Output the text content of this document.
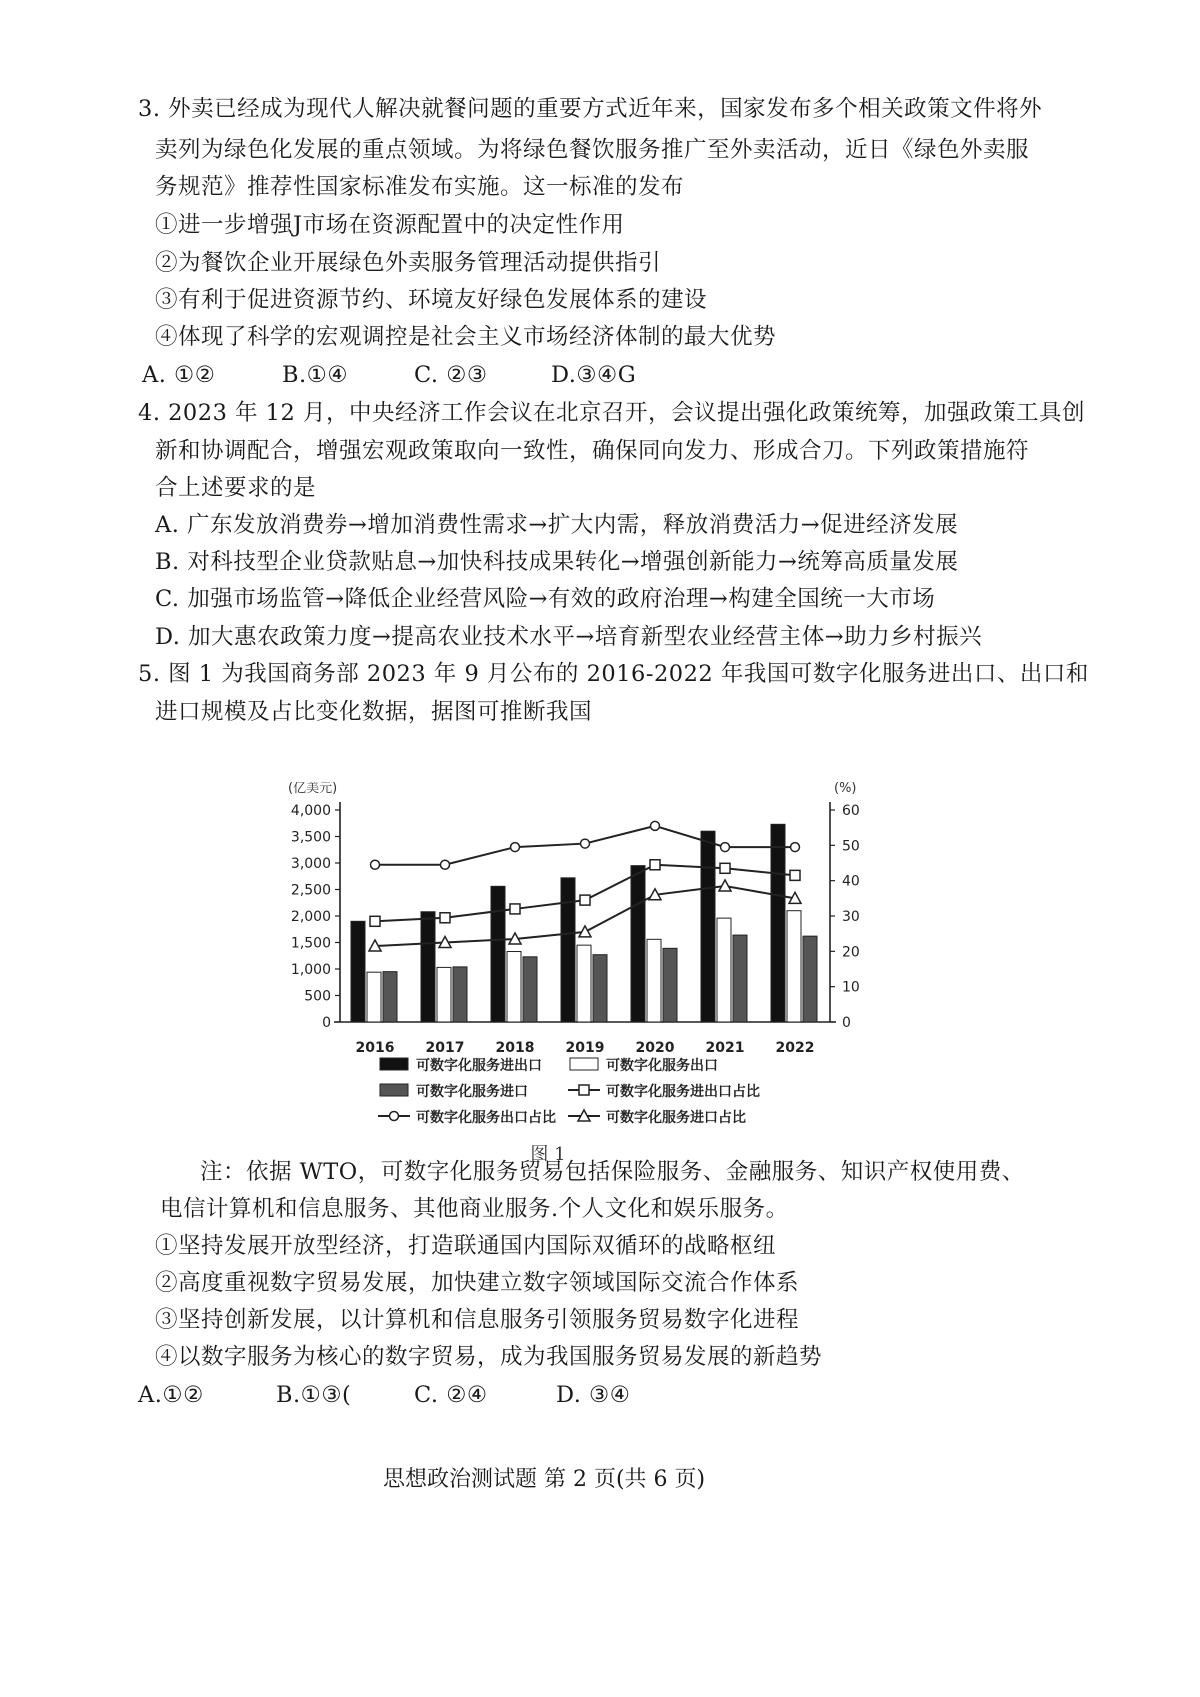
3. 外卖已经成为现代人解决就餐问题的重要方式近年来，国家发布多个相关政策文件将外
卖列为绿色化发展的重点领域。为将绿色餐饮服务推广至外卖活动，近日《绿色外卖服
务规范》推荐性国家标准发布实施。这一标准的发布
①进一步增强J市场在资源配置中的决定性作用
②为餐饮企业开展绿色外卖服务管理活动提供指引
③有利于促进资源节约、环境友好绿色发展体系的建设
④体现了科学的宏观调控是社会主义市场经济体制的最大优势
A. ①②	B.①④	C. ②③	D.③④G
4. 2023 年 12 月，中央经济工作会议在北京召开，会议提出强化政策统筹，加强政策工具创
新和协调配合，增强宏观政策取向一致性，确保同向发力、形成合刀。下列政策措施符
合上述要求的是
A. 广东发放消费券→增加消费性需求→扩大内需，释放消费活力→促进经济发展
B. 对科技型企业贷款贴息→加快科技成果转化→增强创新能力→统筹高质量发展
C. 加强市场监管→降低企业经营风险→有效的政府治理→构建全国统一大市场
D. 加大惠农政策力度→提高农业技术水平→培育新型农业经营主体→助力乡村振兴
5. 图 1 为我国商务部 2023 年 9 月公布的 2016-2022 年我国可数字化服务进出口、出口和
进口规模及占比变化数据，据图可推断我国
(亿美元)	(%)
0
500
1,000
1,500
2,000
2,500
3,000
3,500
4,000
0
10
20
30
40
50
60
2016 2017 2018 2019 2020 2021 2022
可数字化服务进出口	可数字化服务出口
可数字化服务进口	可数字化服务进出口占比
可数字化服务出口占比	可数字化服务进口占比
图 1
注：依据 WTO，可数字化服务贸易包括保险服务、金融服务、知识产权使用费、
电信计算机和信息服务、其他商业服务.个人文化和娱乐服务。
①坚持发展开放型经济，打造联通国内国际双循环的战略枢纽
②高度重视数字贸易发展，加快建立数字领域国际交流合作体系
③坚持创新发展，以计算机和信息服务引领服务贸易数字化进程
④以数字服务为核心的数字贸易，成为我国服务贸易发展的新趋势
A.①②	B.①③(	C. ②④	D. ③④
思想政治测试题 第 2 页(共 6 页)
